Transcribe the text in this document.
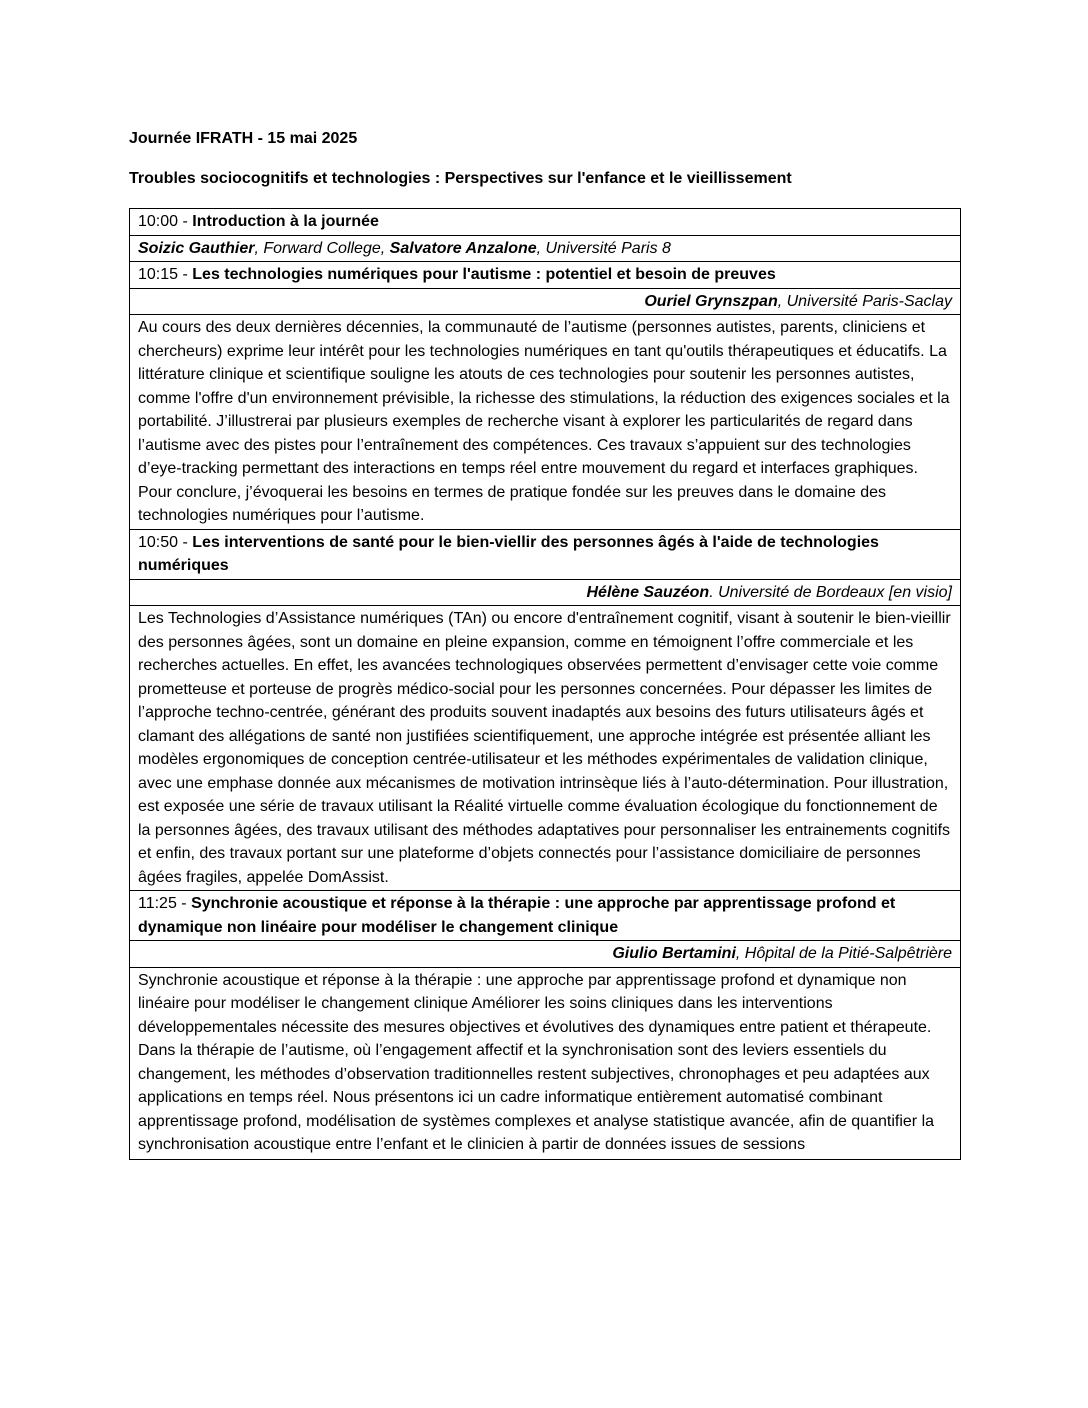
Journée IFRATH - 15 mai 2025

Troubles sociocognitifs et technologies : Perspectives sur l'enfance et le vieillissement

10:00 - Introduction à la journée
Soizic Gauthier, Forward College, Salvatore Anzalone, Université Paris 8
10:15 - Les technologies numériques pour l'autisme : potentiel et besoin de preuves
Ouriel Grynszpan, Université Paris-Saclay
Au cours des deux dernières décennies, la communauté de l’autisme (personnes autistes, parents, cliniciens et chercheurs) exprime leur intérêt pour les technologies numériques en tant qu'outils thérapeutiques et éducatifs. La littérature clinique et scientifique souligne les atouts de ces technologies pour soutenir les personnes autistes, comme l'offre d'un environnement prévisible, la richesse des stimulations, la réduction des exigences sociales et la portabilité. J’illustrerai par plusieurs exemples de recherche visant à explorer les particularités de regard dans l’autisme avec des pistes pour l’entraînement des compétences. Ces travaux s’appuient sur des technologies d’eye-tracking permettant des interactions en temps réel entre mouvement du regard et interfaces graphiques. Pour conclure, j’évoquerai les besoins en termes de pratique fondée sur les preuves dans le domaine des technologies numériques pour l’autisme.
10:50 - Les interventions de santé pour le bien-viellir des personnes âgés à l'aide de technologies numériques
Hélène Sauzéon. Université de Bordeaux [en visio]
Les Technologies d’Assistance numériques (TAn) ou encore d'entraînement cognitif, visant à soutenir le bien-vieillir des personnes âgées, sont un domaine en pleine expansion, comme en témoignent l’offre commerciale et les recherches actuelles. En effet, les avancées technologiques observées permettent d’envisager cette voie comme prometteuse et porteuse de progrès médico-social pour les personnes concernées. Pour dépasser les limites de l’approche techno-centrée, générant des produits souvent inadaptés aux besoins des futurs utilisateurs âgés et clamant des allégations de santé non justifiées scientifiquement, une approche intégrée est présentée alliant les modèles ergonomiques de conception centrée-utilisateur et les méthodes expérimentales de validation clinique, avec une emphase donnée aux mécanismes de motivation intrinsèque liés à l’auto-détermination. Pour illustration, est exposée une série de travaux utilisant la Réalité virtuelle comme évaluation écologique du fonctionnement de la personnes âgées, des travaux utilisant des méthodes adaptatives pour personnaliser les entrainements cognitifs et enfin, des travaux portant sur une plateforme d’objets connectés pour l’assistance domiciliaire de personnes âgées fragiles, appelée DomAssist.
11:25 - Synchronie acoustique et réponse à la thérapie : une approche par apprentissage profond et dynamique non linéaire pour modéliser le changement clinique
Giulio Bertamini, Hôpital de la Pitié-Salpêtrière
Synchronie acoustique et réponse à la thérapie : une approche par apprentissage profond et dynamique non linéaire pour modéliser le changement clinique Améliorer les soins cliniques dans les interventions développementales nécessite des mesures objectives et évolutives des dynamiques entre patient et thérapeute. Dans la thérapie de l’autisme, où l’engagement affectif et la synchronisation sont des leviers essentiels du changement, les méthodes d’observation traditionnelles restent subjectives, chronophages et peu adaptées aux applications en temps réel. Nous présentons ici un cadre informatique entièrement automatisé combinant apprentissage profond, modélisation de systèmes complexes et analyse statistique avancée, afin de quantifier la synchronisation acoustique entre l’enfant et le clinicien à partir de données issues de sessions
